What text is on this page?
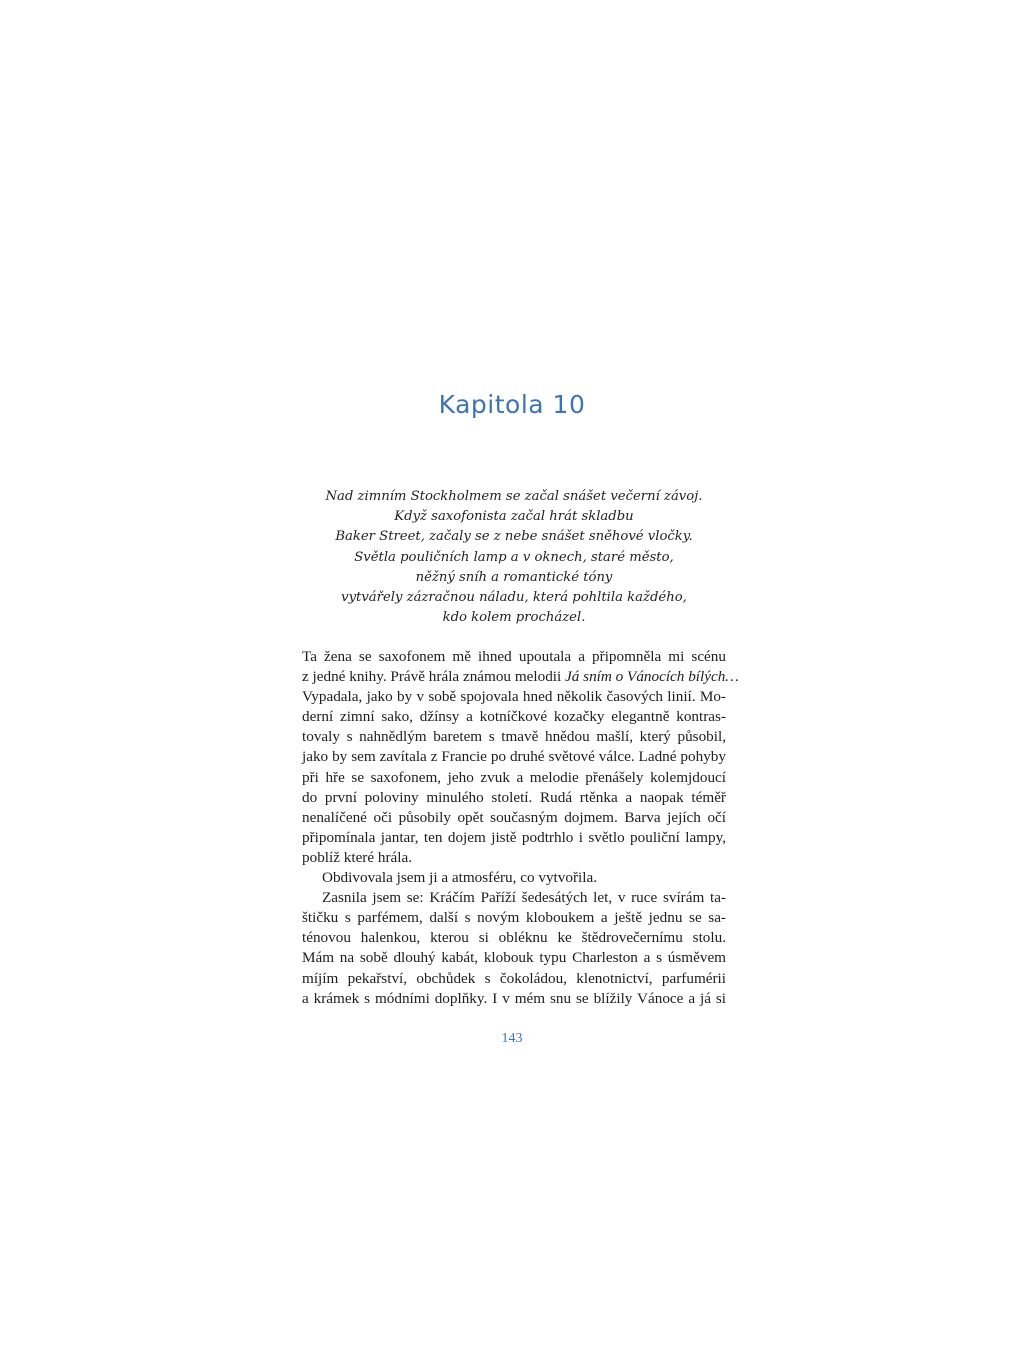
Kapitola 10
Nad zimním Stockholmem se začal snášet večerní závoj.
Když saxofonista začal hrát skladbu
Baker Street, začaly se z nebe snášet sněhové vločky.
Světla pouličních lamp a v oknech, staré město,
něžný sníh a romantické tóny
vytvářely zázračnou náladu, která pohltila každého,
kdo kolem procházel.
Ta žena se saxofonem mě ihned upoutala a připomněla mi scénu
z jedné knihy. Právě hrála známou melodii Já sním o Vánocích bílých…
Vypadala, jako by v sobě spojovala hned několik časových linií. Mo-
derní zimní sako, džínsy a kotníčkové kozačky elegantně kontras-
tovaly s nahnědlým baretem s tmavě hnědou mašlí, který působil,
jako by sem zavítala z Francie po druhé světové válce. Ladné pohyby
při hře se saxofonem, jeho zvuk a melodie přenášely kolemjdoucí
do první poloviny minulého století. Rudá rtěnka a naopak téměř
nenalíčené oči působily opět současným dojmem. Barva jejích očí
připomínala jantar, ten dojem jistě podtrhlo i světlo pouliční lampy,
poblíž které hrála.
Obdivovala jsem ji a atmosféru, co vytvořila.
Zasnila jsem se: Kráčím Paříží šedesátých let, v ruce svírám ta-
štičku s parfémem, další s novým kloboukem a ještě jednu se sa-
ténovou halenkou, kterou si obléknu ke štědrovečernímu stolu.
Mám na sobě dlouhý kabát, klobouk typu Charleston a s úsměvem
míjím pekařství, obchůdek s čokoládou, klenotnictví, parfumérii
a krámek s módními doplňky. I v mém snu se blížily Vánoce a já si
143
